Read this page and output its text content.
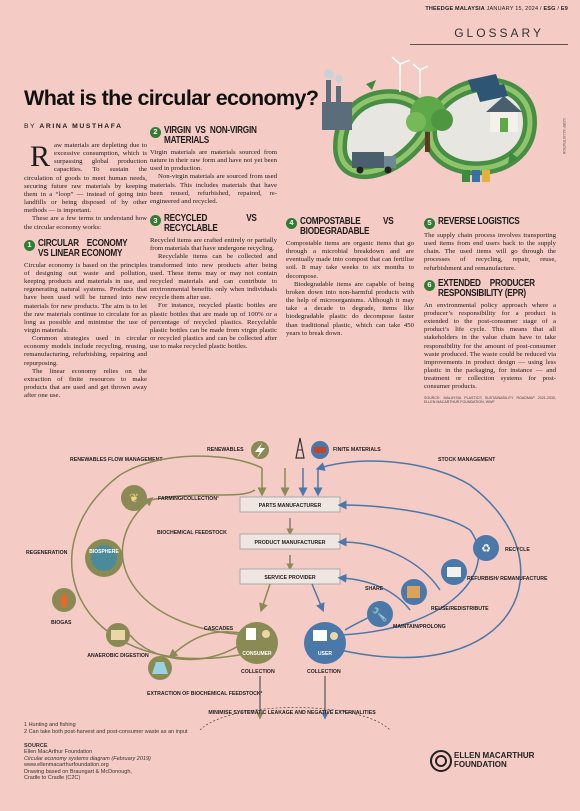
THEEDGE MALAYSIA JANUARY 15, 2024 / ESG / E9
GLOSSARY
What is the circular economy?
BY ARINA MUSTHAFA	123RF ILLUSTRATION

Raw materials are depleting due to excessive consumption, which is surpassing global production capacities. To sustain the circulation of goods to meet human needs, securing future raw materials by keeping them in a “loop” — instead of going into landfills or being disposed of by other methods — is important.

These are a few terms to understand how the circular economy works:

1 CIRCULAR ECONOMY VS LINEAR ECONOMY

Circular economy is based on the principles of designing out waste and pollution, keeping products and materials in use, and regenerating natural systems. Products that have been used will be turned into new materials for new products. The aim is to let the raw materials continue to circulate for as long as possible and minimise the use of virgin materials.

Common strategies used in circular economy models include recycling, reusing, remanufacturing, refurbishing, repairing and repurposing.

The linear economy relies on the extraction of finite resources to make products that are used and get thrown away after one use.

2 VIRGIN VS NON-VIRGIN MATERIALS

Virgin materials are materials sourced from nature in their raw form and have not yet been used in production.

Non-virgin materials are sourced from used materials. This includes materials that have been reused, refurbished, repaired, re-engineered and recycled.

3 RECYCLED VS RECYCLABLE

Recycled items are crafted entirely or partially from materials that have undergone recycling.

Recyclable items can be collected and transformed into new products after being used. These items may or may not contain recycled materials and can contribute to environmental benefits only when individuals recycle them after use.

For instance, recycled plastic bottles are plastic bottles that are made up of 100% or a percentage of recycled plastics. Recyclable plastic bottles can be made from virgin plastic or recycled plastics and can be collected after use to make recycled plastic bottles.

4 COMPOSTABLE VS BIODEGRADABLE

Compostable items are organic items that go through a microbial breakdown and are eventually made into compost that can fertilise soil. It may take weeks to six months to decompose.

Biodegradable items are capable of being broken down into non-harmful products with the help of microorganisms. Although it may take a decade to degrade, items like biodegradable plastic do decompose faster than traditional plastic, which can take 450 years to break down.

5 REVERSE LOGISTICS

The supply chain process involves transporting used items from end users back to the supply chain. The used items will go through the processes of recycling, repair, reuse, refurbishment and remanufacture.

6 EXTENDED PRODUCER RESPONSIBILITY (EPR)

An environmental policy approach where a producer’s responsibility for a product is extended to the post-consumer stage of a product’s life cycle. This means that all stakeholders in the value chain have to take responsibility for the amount of post-consumer waste produced. The waste could be reduced via improvements in product design — using less plastic in the packaging, for instance — and treatment or collection systems for post-consumer products.

SOURCE: MALAYSIA PLASTICS SUSTAINABILITY ROADMAP 2021-2030, ELLEN MACARTHUR FOUNDATION, WWF
RENEWABLES FLOW MANAGEMENT
RENEWABLES	FINITE MATERIALS
STOCK MANAGEMENT
PARTS MANUFACTURER
PRODUCT MANUFACTURER
SERVICE PROVIDER
❦	FARMING/COLLECTION¹
BIOCHEMICAL FEEDSTOCK
BIOSPHERE
REGENERATION
BIOGAS
ANAEROBIC DIGESTION
EXTRACTION OF BIOCHEMICAL FEEDSTOCK²
CASCADES
CONSUMER
COLLECTION
♻	RECYCLE
REFURBISH/ REMANUFACTURE
REUSE/REDISTRIBUTE
SHARE
🔧
MAINTAIN/PROLONG
USER
COLLECTION
MINIMISE SYSTEMATIC LEAKAGE AND NEGATIVE EXTERNALITIES
1 Hunting and fishing
2 Can take both post-harvest and post-consumer waste as an input
SOURCE
Ellen MacArthur Foundation
Circular economy systems diagram (February 2019)
www.ellenmacarthurfoundation.org
Drawing based on Braungart & McDonough,
Cradle to Cradle (C2C)
ELLEN MACARTHUR
FOUNDATION
